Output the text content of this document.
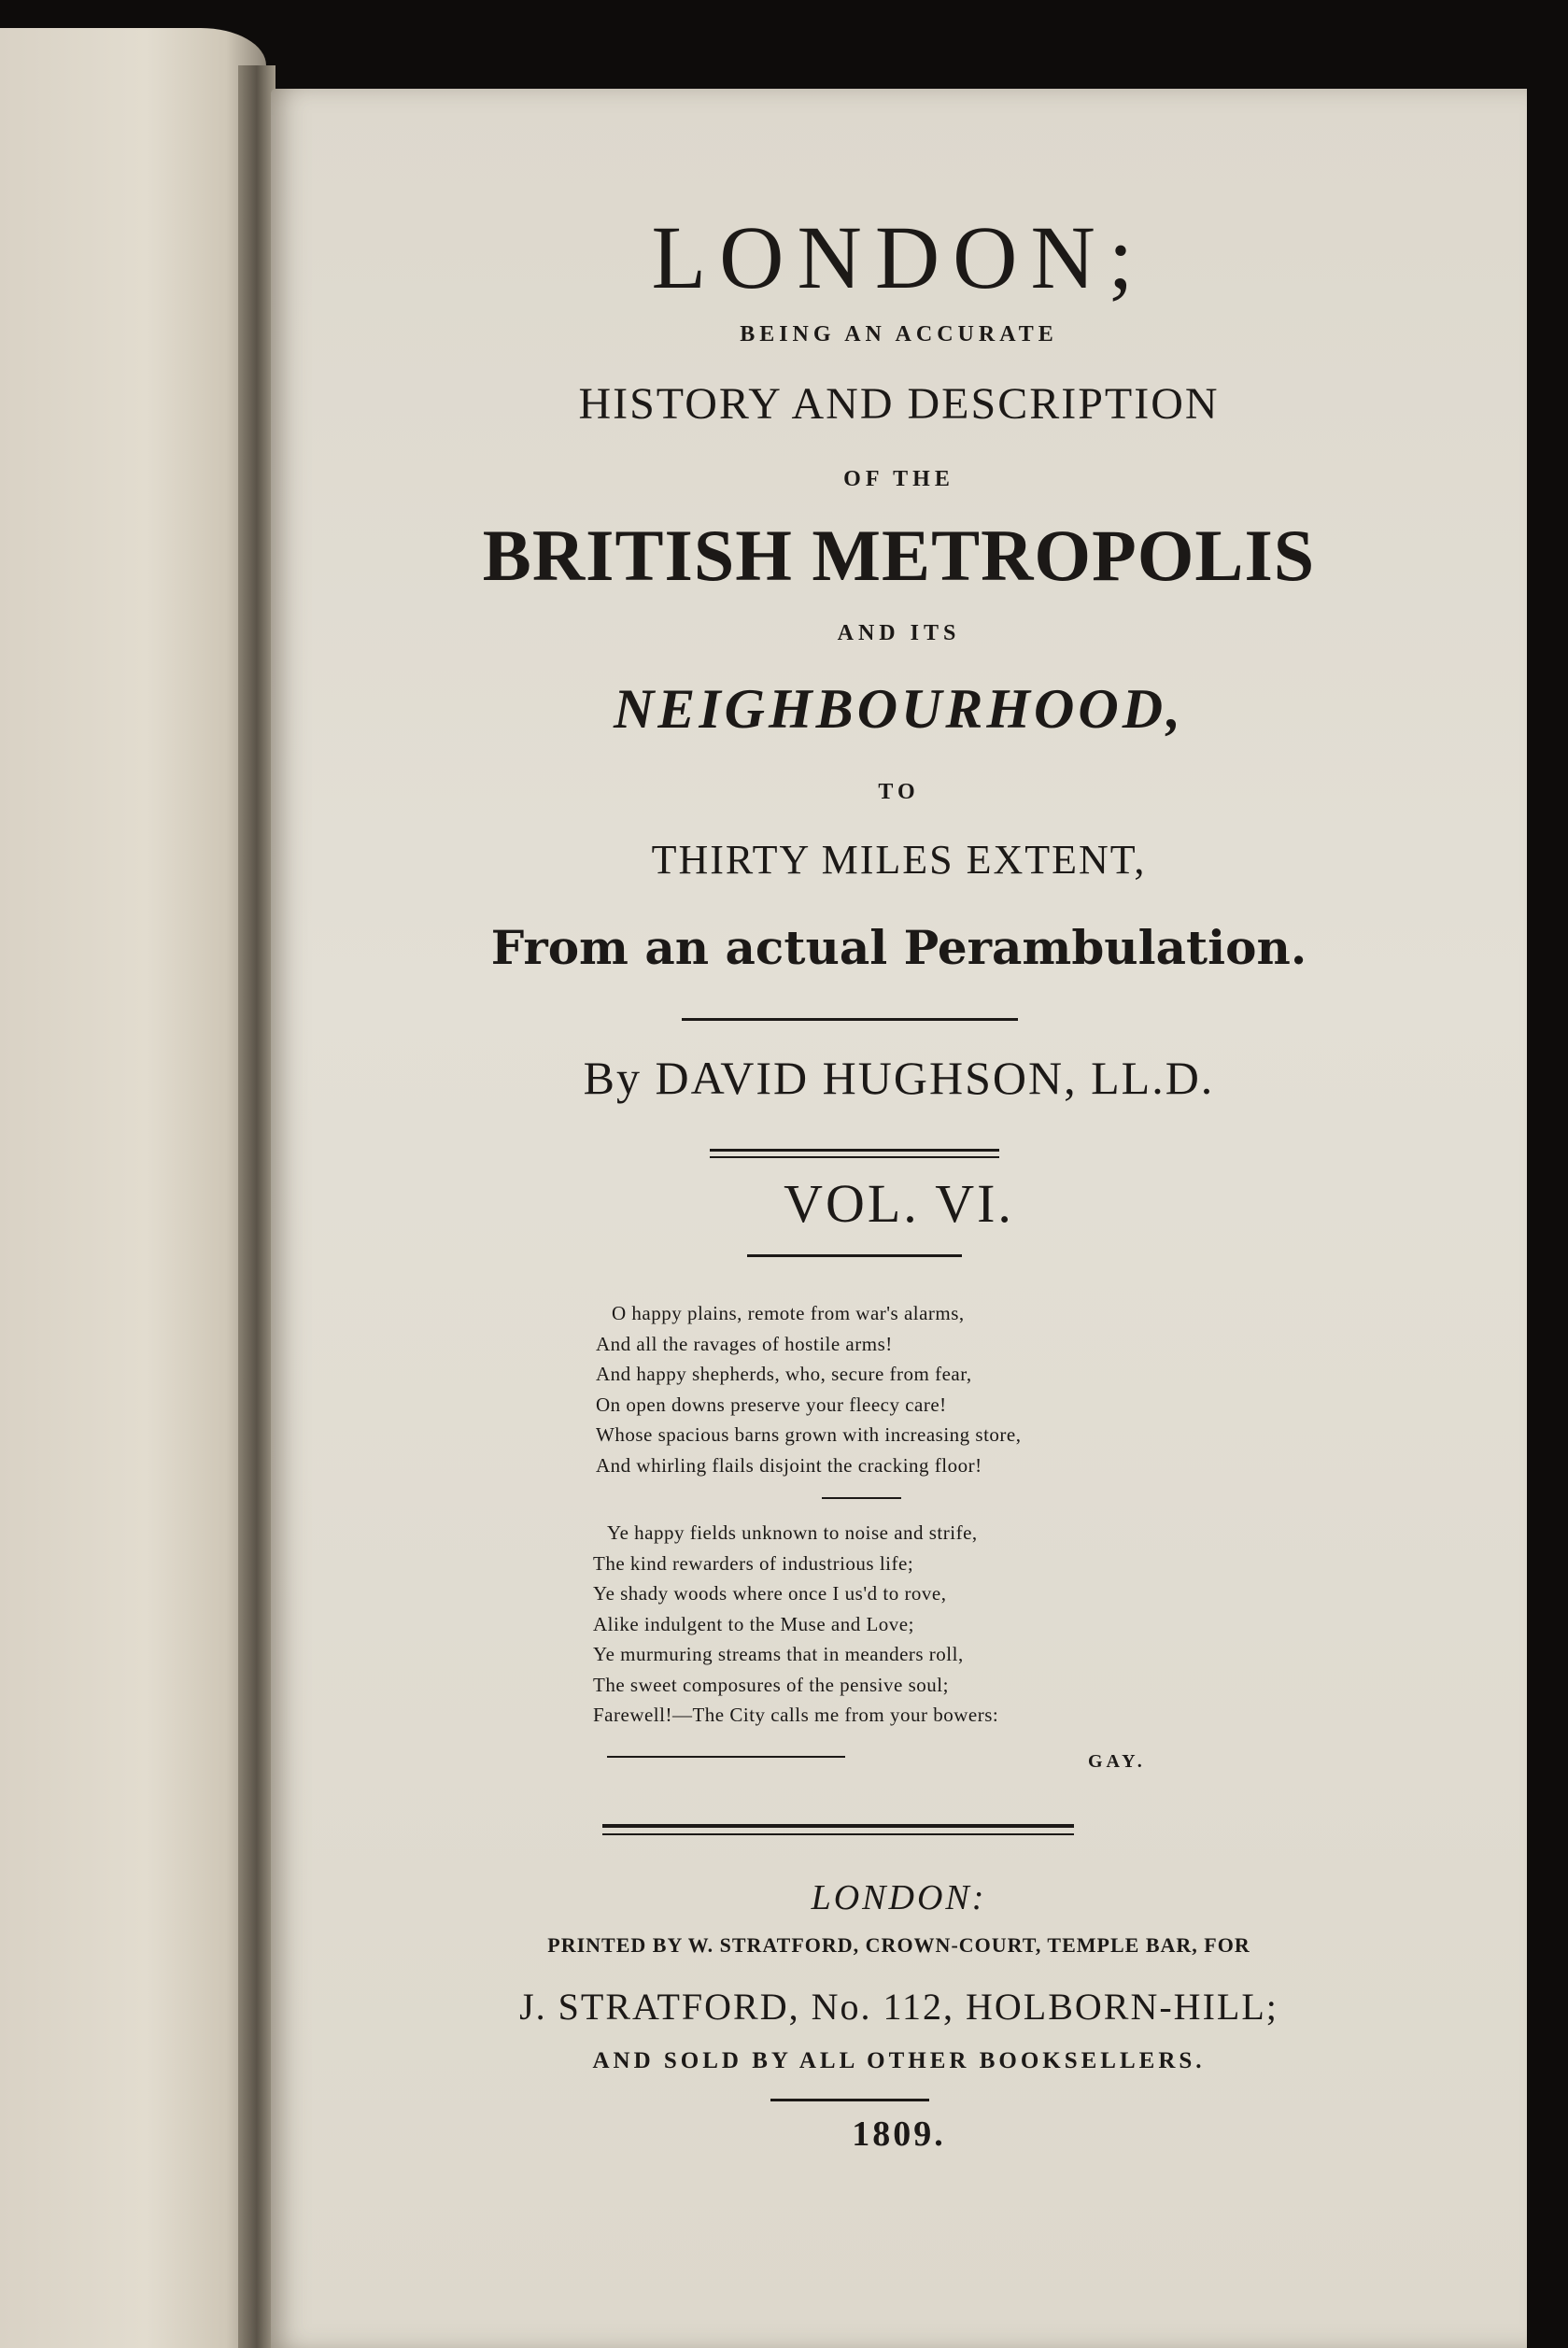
LONDON;
BEING AN ACCURATE
HISTORY AND DESCRIPTION
OF THE
BRITISH METROPOLIS
AND ITS
NEIGHBOURHOOD,
TO
THIRTY MILES EXTENT,
From an actual Perambulation.
By DAVID HUGHSON, LL.D.
VOL. VI.
O happy plains, remote from war's alarms,
And all the ravages of hostile arms!
And happy shepherds, who, secure from fear,
On open downs preserve your fleecy care!
Whose spacious barns grown with increasing store,
And whirling flails disjoint the cracking floor!
Ye happy fields unknown to noise and strife,
The kind rewarders of industrious life;
Ye shady woods where once I us'd to rove,
Alike indulgent to the Muse and Love;
Ye murmuring streams that in meanders roll,
The sweet composures of the pensive soul;
Farewell!—The City calls me from your bowers:
GAY.
LONDON:
PRINTED BY W. STRATFORD, CROWN-COURT, TEMPLE BAR, FOR
J. STRATFORD, No. 112, HOLBORN-HILL;
AND SOLD BY ALL OTHER BOOKSELLERS.
1809.
